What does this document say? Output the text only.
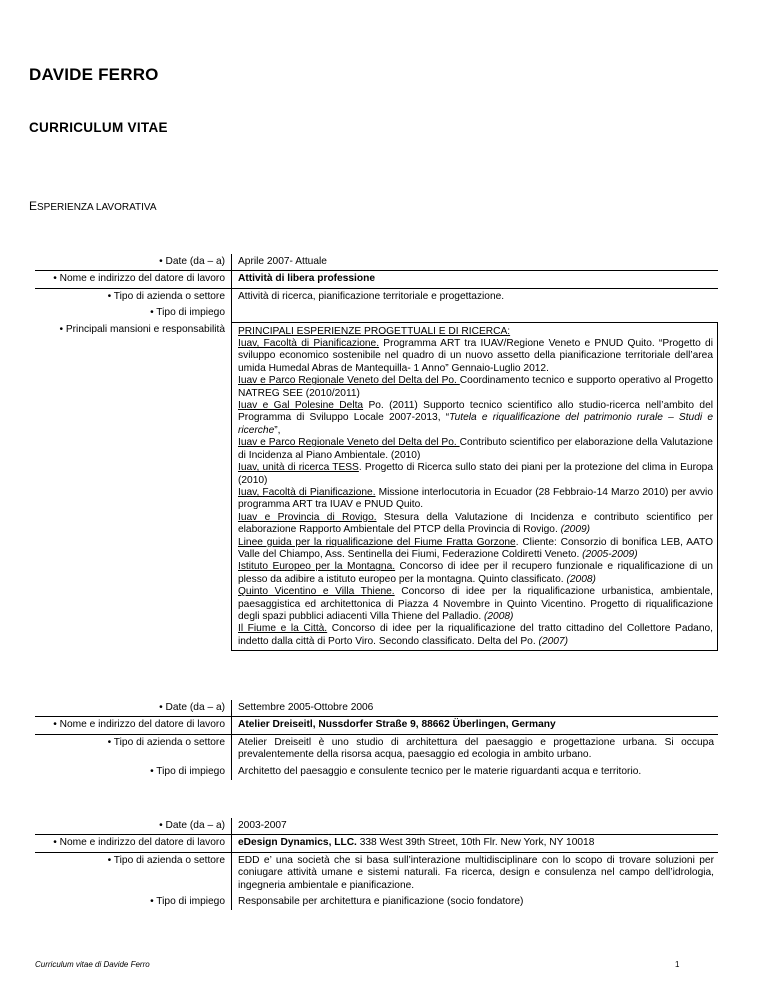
DAVIDE FERRO
CURRICULUM VITAE
ESPERIENZA LAVORATIVA
• Date (da – a)	Aprile 2007- Attuale
• Nome e indirizzo del datore di lavoro	Attività di libera professione
• Tipo di azienda o settore	Attività di ricerca, pianificazione territoriale e progettazione.
• Tipo di impiego
• Principali mansioni e responsabilità	PRINCIPALI ESPERIENZE PROGETTUALI E DI RICERCA:
Iuav, Facoltà di Pianificazione. Programma ART tra IUAV/Regione Veneto e PNUD Quito. “Progetto di sviluppo economico sostenibile nel quadro di un nuovo assetto della pianificazione territoriale dell’area umida Humedal Abras de Mantequilla- 1 Anno” Gennaio-Luglio 2012.
Iuav e Parco Regionale Veneto del Delta del Po. Coordinamento tecnico e supporto operativo al Progetto NATREG SEE (2010/2011)
Iuav e Gal Polesine Delta Po. (2011) Supporto tecnico scientifico allo studio-ricerca nell’ambito del Programma di Sviluppo Locale 2007-2013, “Tutela e riqualificazione del patrimonio rurale – Studi e ricerche”,
Iuav e Parco Regionale Veneto del Delta del Po. Contributo scientifico per elaborazione della Valutazione di Incidenza al Piano Ambientale. (2010)
Iuav, unità di ricerca TESS. Progetto di Ricerca sullo stato dei piani per la protezione del clima in Europa (2010)
Iuav, Facoltà di Pianificazione. Missione interlocutoria in Ecuador (28 Febbraio-14 Marzo 2010) per avvio programma ART tra IUAV e PNUD Quito.
Iuav e Provincia di Rovigo. Stesura della Valutazione di Incidenza e contributo scientifico per elaborazione Rapporto Ambientale del PTCP della Provincia di Rovigo. (2009)
Linee guida per la riqualificazione del Fiume Fratta Gorzone. Cliente: Consorzio di bonifica LEB, AATO Valle del Chiampo, Ass. Sentinella dei Fiumi, Federazione Coldiretti Veneto. (2005-2009)
Istituto Europeo per la Montagna. Concorso di idee per il recupero funzionale e riqualificazione di un plesso da adibire a istituto europeo per la montagna. Quinto classificato. (2008)
Quinto Vicentino e Villa Thiene. Concorso di idee per la riqualificazione urbanistica, ambientale, paesaggistica ed architettonica di Piazza 4 Novembre in Quinto Vicentino. Progetto di riqualificazione degli spazi pubblici adiacenti Villa Thiene del Palladio. (2008)
Il Fiume e la Città. Concorso di idee per la riqualificazione del tratto cittadino del Collettore Padano, indetto dalla città di Porto Viro. Secondo classificato. Delta del Po. (2007)
• Date (da – a)	Settembre 2005-Ottobre 2006
• Nome e indirizzo del datore di lavoro	Atelier Dreiseitl, Nussdorfer Straße 9, 88662 Überlingen, Germany
• Tipo di azienda o settore	Atelier Dreiseitl è uno studio di architettura del paesaggio e progettazione urbana. Si occupa prevalentemente della risorsa acqua, paesaggio ed ecologia in ambito urbano.
• Tipo di impiego	Architetto del paesaggio e consulente tecnico per le materie riguardanti acqua e territorio.
• Date (da – a)	2003-2007
• Nome e indirizzo del datore di lavoro	eDesign Dynamics, LLC. 338 West 39th Street, 10th Flr. New York, NY 10018
• Tipo di azienda o settore	EDD e’ una società che si basa sull’interazione multidisciplinare con lo scopo di trovare soluzioni per coniugare attività umane e sistemi naturali. Fa ricerca, design e consulenza nel campo dell’idrologia, ingegneria ambientale e pianificazione.
• Tipo di impiego	Responsabile per architettura e pianificazione (socio fondatore)
Curriculum vitae di Davide Ferro	1
